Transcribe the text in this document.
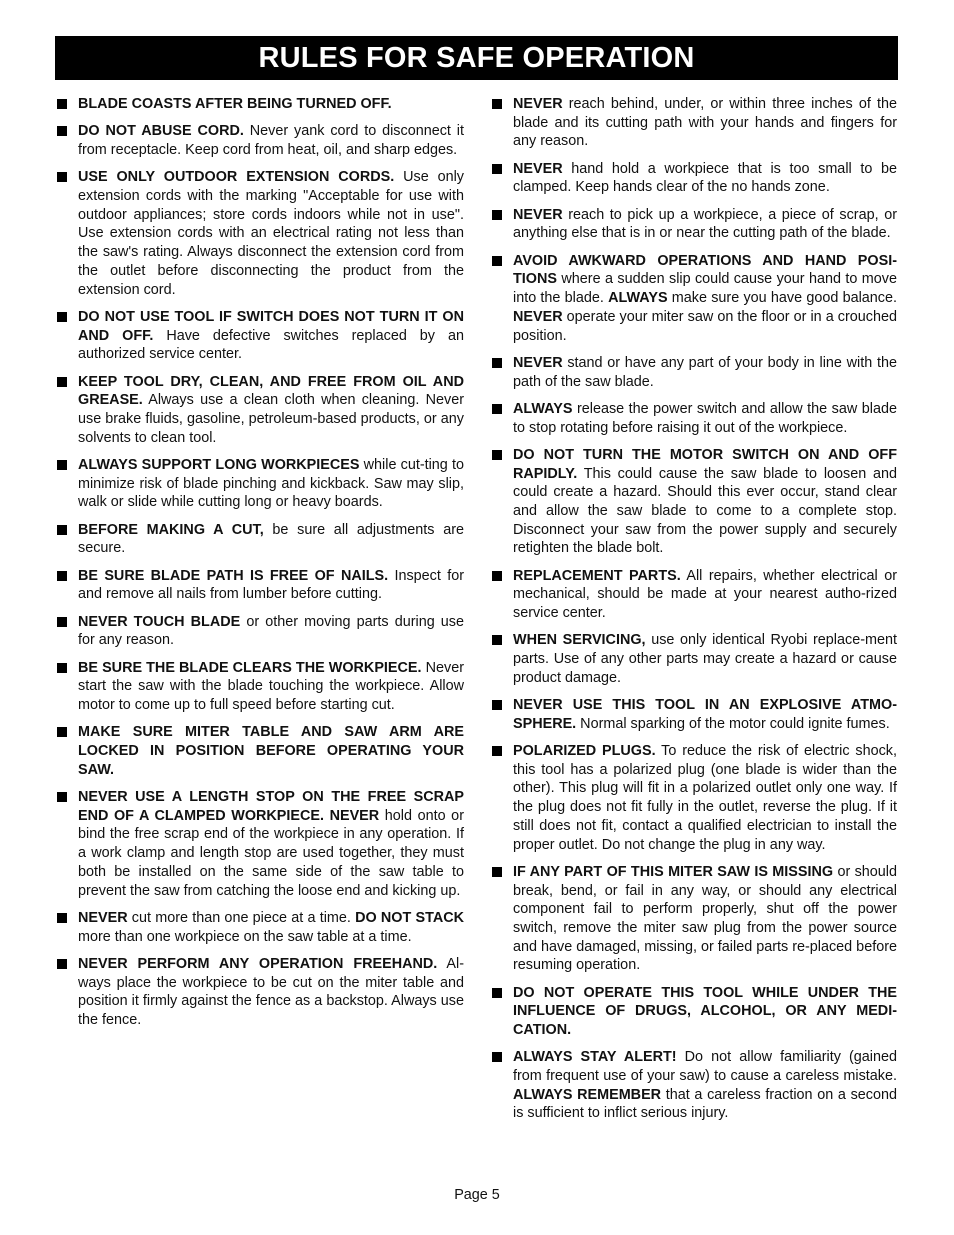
RULES FOR SAFE OPERATION
BLADE COASTS AFTER BEING TURNED OFF.
DO NOT ABUSE CORD. Never yank cord to disconnect it from receptacle. Keep cord from heat, oil, and sharp edges.
USE ONLY OUTDOOR EXTENSION CORDS. Use only extension cords with the marking "Acceptable for use with outdoor appliances; store cords indoors while not in use". Use extension cords with an electrical rating not less than the saw's rating. Always disconnect the extension cord from the outlet before disconnecting the product from the extension cord.
DO NOT USE TOOL IF SWITCH DOES NOT TURN IT ON AND OFF. Have defective switches replaced by an authorized service center.
KEEP TOOL DRY, CLEAN, AND FREE FROM OIL AND GREASE. Always use a clean cloth when cleaning. Never use brake fluids, gasoline, petroleum-based products, or any solvents to clean tool.
ALWAYS SUPPORT LONG WORKPIECES while cut-ting to minimize risk of blade pinching and kickback. Saw may slip, walk or slide while cutting long or heavy boards.
BEFORE MAKING A CUT, be sure all adjustments are secure.
BE SURE BLADE PATH IS FREE OF NAILS. Inspect for and remove all nails from lumber before cutting.
NEVER TOUCH BLADE or other moving parts during use for any reason.
BE SURE THE BLADE CLEARS THE WORKPIECE. Never start the saw with the blade touching the workpiece. Allow motor to come up to full speed before starting cut.
MAKE SURE MITER TABLE AND SAW ARM ARE LOCKED IN POSITION BEFORE OPERATING YOUR SAW.
NEVER USE A LENGTH STOP ON THE FREE SCRAP END OF A CLAMPED WORKPIECE. NEVER hold onto or bind the free scrap end of the workpiece in any operation. If a work clamp and length stop are used together, they must both be installed on the same side of the saw table to prevent the saw from catching the loose end and kicking up.
NEVER cut more than one piece at a time. DO NOT STACK more than one workpiece on the saw table at a time.
NEVER PERFORM ANY OPERATION FREEHAND. Al-ways place the workpiece to be cut on the miter table and position it firmly against the fence as a backstop. Always use the fence.
NEVER reach behind, under, or within three inches of the blade and its cutting path with your hands and fingers for any reason.
NEVER hand hold a workpiece that is too small to be clamped. Keep hands clear of the no hands zone.
NEVER reach to pick up a workpiece, a piece of scrap, or anything else that is in or near the cutting path of the blade.
AVOID AWKWARD OPERATIONS AND HAND POSI-TIONS where a sudden slip could cause your hand to move into the blade. ALWAYS make sure you have good balance. NEVER operate your miter saw on the floor or in a crouched position.
NEVER stand or have any part of your body in line with the path of the saw blade.
ALWAYS release the power switch and allow the saw blade to stop rotating before raising it out of the workpiece.
DO NOT TURN THE MOTOR SWITCH ON AND OFF RAPIDLY. This could cause the saw blade to loosen and could create a hazard. Should this ever occur, stand clear and allow the saw blade to come to a complete stop. Disconnect your saw from the power supply and securely retighten the blade bolt.
REPLACEMENT PARTS. All repairs, whether electrical or mechanical, should be made at your nearest autho-rized service center.
WHEN SERVICING, use only identical Ryobi replace-ment parts. Use of any other parts may create a hazard or cause product damage.
NEVER USE THIS TOOL IN AN EXPLOSIVE ATMO-SPHERE. Normal sparking of the motor could ignite fumes.
POLARIZED PLUGS. To reduce the risk of electric shock, this tool has a polarized plug (one blade is wider than the other). This plug will fit in a polarized outlet only one way. If the plug does not fit fully in the outlet, reverse the plug. If it still does not fit, contact a qualified electrician to install the proper outlet. Do not change the plug in any way.
IF ANY PART OF THIS MITER SAW IS MISSING or should break, bend, or fail in any way, or should any electrical component fail to perform properly, shut off the power switch, remove the miter saw plug from the power source and have damaged, missing, or failed parts re-placed before resuming operation.
DO NOT OPERATE THIS TOOL WHILE UNDER THE INFLUENCE OF DRUGS, ALCOHOL, OR ANY MEDI-CATION.
ALWAYS STAY ALERT! Do not allow familiarity (gained from frequent use of your saw) to cause a careless mistake. ALWAYS REMEMBER that a careless fraction on a second is sufficient to inflict serious injury.
Page 5
